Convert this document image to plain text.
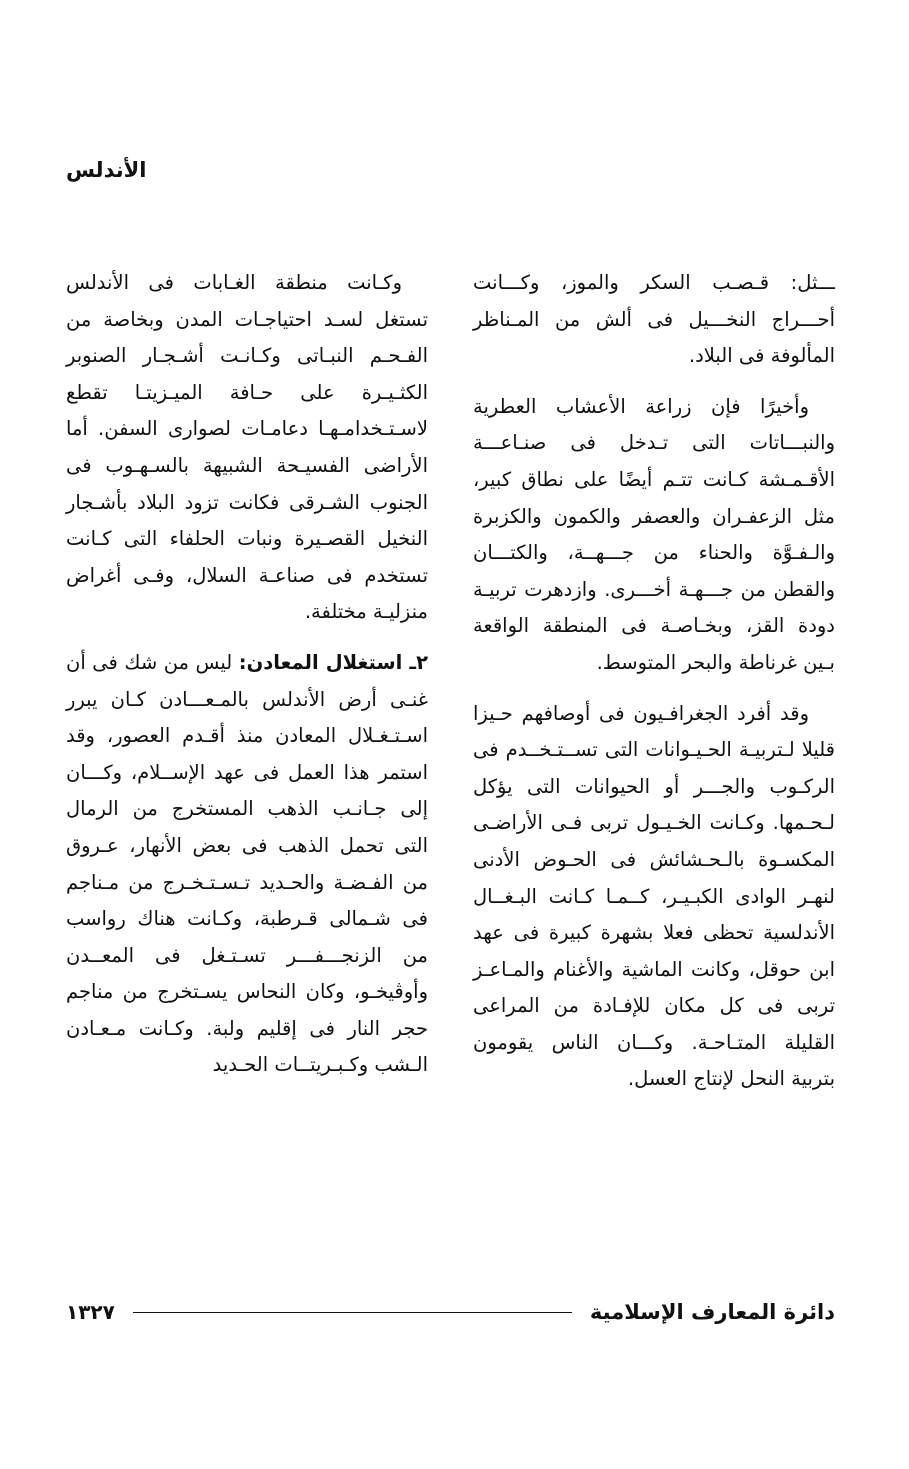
الأندلس

ـــثل: قـصـب السكر والموز، وكـــانت أحـــراج النخـــيل فى ألش من المـناظر المألوفة فى البلاد.

وأخيرًا فإن زراعة الأعشاب العطرية والنبـــاتات التى تـدخل فى صنـاعـــة الأقـمـشة كـانت تتـم أيضًا على نطاق كبير، مثل الزعفـران والعصفر والكمون والكزبرة والـفـوَّة والحناء من جـــهــة، والكتـــان والقطن من جـــهـة أخـــرى. وازدهرت تربيـة دودة القز، وبخـاصـة فى المنطقة الواقعة بـين غرناطة والبحر المتوسط.

وقد أفرد الجغرافـيون فى أوصافهم حـيزا قليلا لـتربيـة الحـيـوانات التى تســتـخــدم فى الركـوب والجـــر أو الحيوانات التى يؤكل لـحـمها. وكـانت الخـيـول تربى فـى الأراضـى المكسـوة بالـحـشائش فى الحـوض الأدنى لنهـر الوادى الكبـيـر، كــمـا كـانت البـغــال الأندلسية تحظى فعلا بشهرة كبيرة فى عهد ابن حوقل، وكانت الماشية والأغنام والمـاعـز تربى فى كل مكان للإفـادة من المراعى القليلة المتـاحـة. وكـــان الناس يقومون بتربية النحل لإنتاج العسل.

وكـانت منطقة الغـابات فى الأندلس تستغل لسـد احتياجـات المدن وبخاصة من الفـحـم النبـاتى وكـانـت أشـجـار الصنوبر الكثـيـرة على حـافة الميـزيتـا تقطع لاسـتـخدامـهـا دعامـات لصوارى السفن. أما الأراضى الفسيـحة الشبيهة بالسـهـوب فى الجنوب الشـرقى فكانت تزود البلاد بأشـجار النخيل القصـيرة ونبات الحلفاء التى كـانت تستخدم فى صناعـة السلال، وفـى أغراض منزليـة مختلفة.

٢ـ استغلال المعادن: ليس من شك فى أن غنـى أرض الأندلس بالمـعـــادن كـان يبرر اسـتـغـلال المعادن منذ أقـدم العصور، وقد استمر هذا العمل فى عهد الإســلام، وكـــان إلى جـانـب الذهب المستخرج من الرمال التى تحمل الذهب فى بعض الأنهار، عـروق من الفـضـة والحـديد تـسـتـخـرج من مـناجم فى شـمالى قـرطبة، وكـانت هناك رواسب من الزنجـــفـــر تسـتـغل فى المعــدن وأوڤيخـو، وكان النحاس يسـتخرج من مناجم حجر النار فى إقليم ولبة. وكـانت مـعـادن الـشب وكـبـريتــات الحـديد

دائرة المعارف الإسلامية
١٣٢٧
